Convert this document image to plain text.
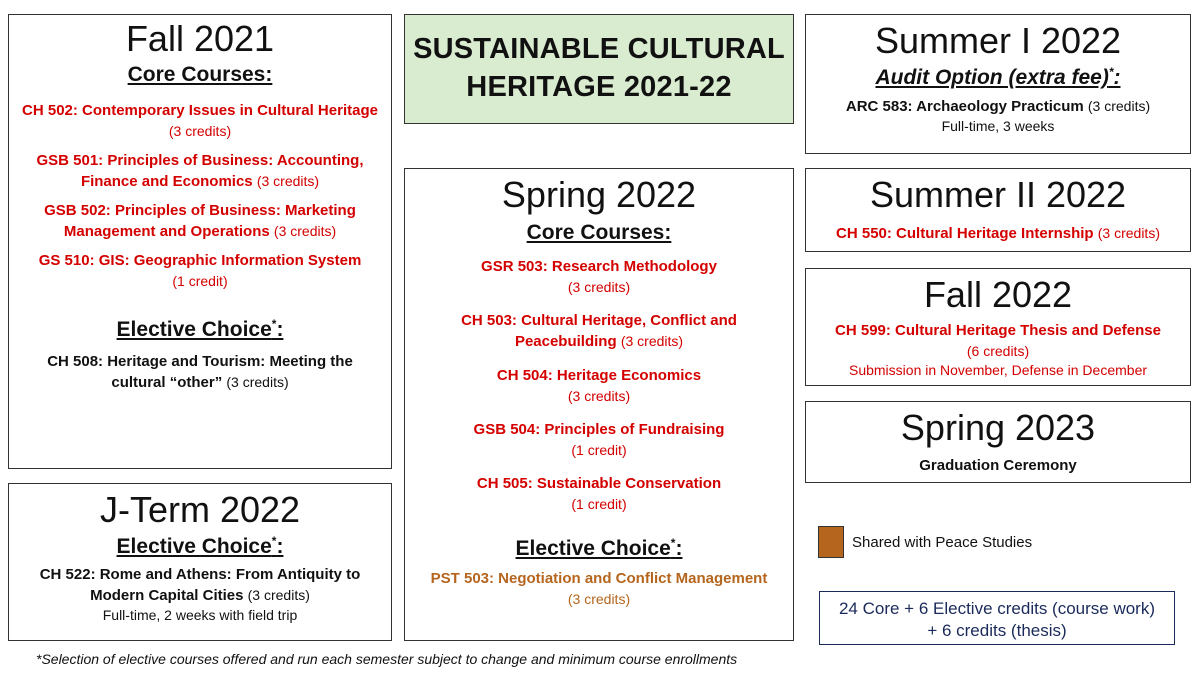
Fall 2021
Core Courses:
CH 502: Contemporary Issues in Cultural Heritage (3 credits)
GSB 501: Principles of Business: Accounting, Finance and Economics (3 credits)
GSB 502: Principles of Business: Marketing Management and Operations (3 credits)
GS 510: GIS: Geographic Information System
(1 credit)
Elective Choice*:
CH 508: Heritage and Tourism: Meeting the cultural “other” (3 credits)
J-Term 2022
Elective Choice*:
CH 522: Rome and Athens: From Antiquity to Modern Capital Cities (3 credits)
Full-time, 2 weeks with field trip
SUSTAINABLE CULTURAL
HERITAGE 2021-22
Spring 2022
Core Courses:
GSR 503: Research Methodology
(3 credits)
CH 503: Cultural Heritage, Conflict and Peacebuilding (3 credits)
CH 504: Heritage Economics
(3 credits)
GSB 504: Principles of Fundraising
(1 credit)
CH 505: Sustainable Conservation
(1 credit)
Elective Choice*:
PST 503: Negotiation and Conflict Management
(3 credits)
Summer I 2022
Audit Option (extra fee)*:
ARC 583: Archaeology Practicum (3 credits)
Full-time, 3 weeks
Summer II 2022
CH 550: Cultural Heritage Internship (3 credits)
Fall 2022
CH 599: Cultural Heritage Thesis and Defense
(6 credits)
Submission in November, Defense in December
Spring 2023
Graduation Ceremony
Shared with Peace Studies
24 Core + 6 Elective credits (course work)
+ 6 credits (thesis)
*Selection of elective courses offered and run each semester subject to change and minimum course enrollments
